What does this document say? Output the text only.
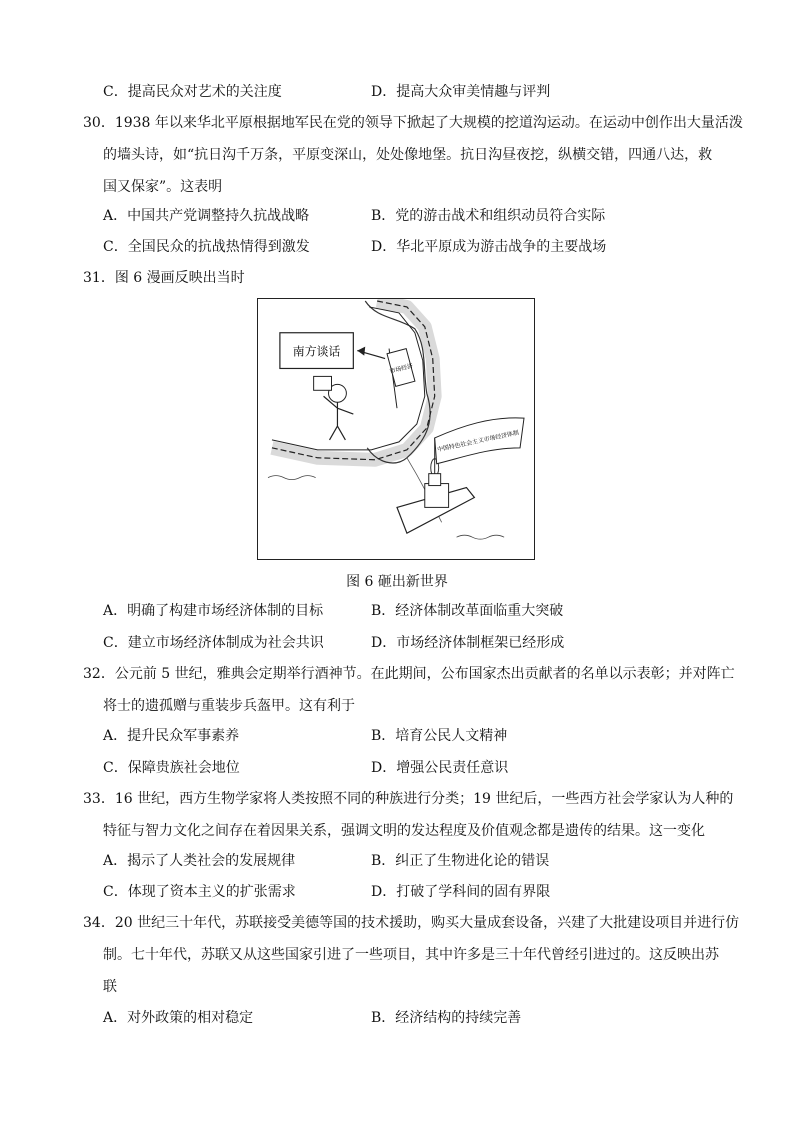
C．提高民众对艺术的关注度	D．提高大众审美情趣与评判
30．1938 年以来华北平原根据地军民在党的领导下掀起了大规模的挖道沟运动。在运动中创作出大量活泼
的墙头诗，如“抗日沟千万条，平原变深山，处处像地堡。抗日沟昼夜挖，纵横交错，四通八达，救
国又保家”。这表明
A．中国共产党调整持久抗战战略	B．党的游击战术和组织动员符合实际
C．全国民众的抗战热情得到激发	D．华北平原成为游击战争的主要战场
31．图 6 漫画反映出当时
南方谈话
市场经济
中国特色社会主义市场经济体制
图 6 砸出新世界
A．明确了构建市场经济体制的目标	B．经济体制改革面临重大突破
C．建立市场经济体制成为社会共识	D．市场经济体制框架已经形成
32．公元前 5 世纪，雅典会定期举行酒神节。在此期间，公布国家杰出贡献者的名单以示表彰；并对阵亡
将士的遗孤赠与重装步兵盔甲。这有利于
A．提升民众军事素养	B．培育公民人文精神
C．保障贵族社会地位	D．增强公民责任意识
33．16 世纪，西方生物学家将人类按照不同的种族进行分类；19 世纪后，一些西方社会学家认为人种的
特征与智力文化之间存在着因果关系，强调文明的发达程度及价值观念都是遗传的结果。这一变化
A．揭示了人类社会的发展规律	B．纠正了生物进化论的错误
C．体现了资本主义的扩张需求	D．打破了学科间的固有界限
34．20 世纪三十年代，苏联接受美德等国的技术援助，购买大量成套设备，兴建了大批建设项目并进行仿
制。七十年代，苏联又从这些国家引进了一些项目，其中许多是三十年代曾经引进过的。这反映出苏
联
A．对外政策的相对稳定	B．经济结构的持续完善
